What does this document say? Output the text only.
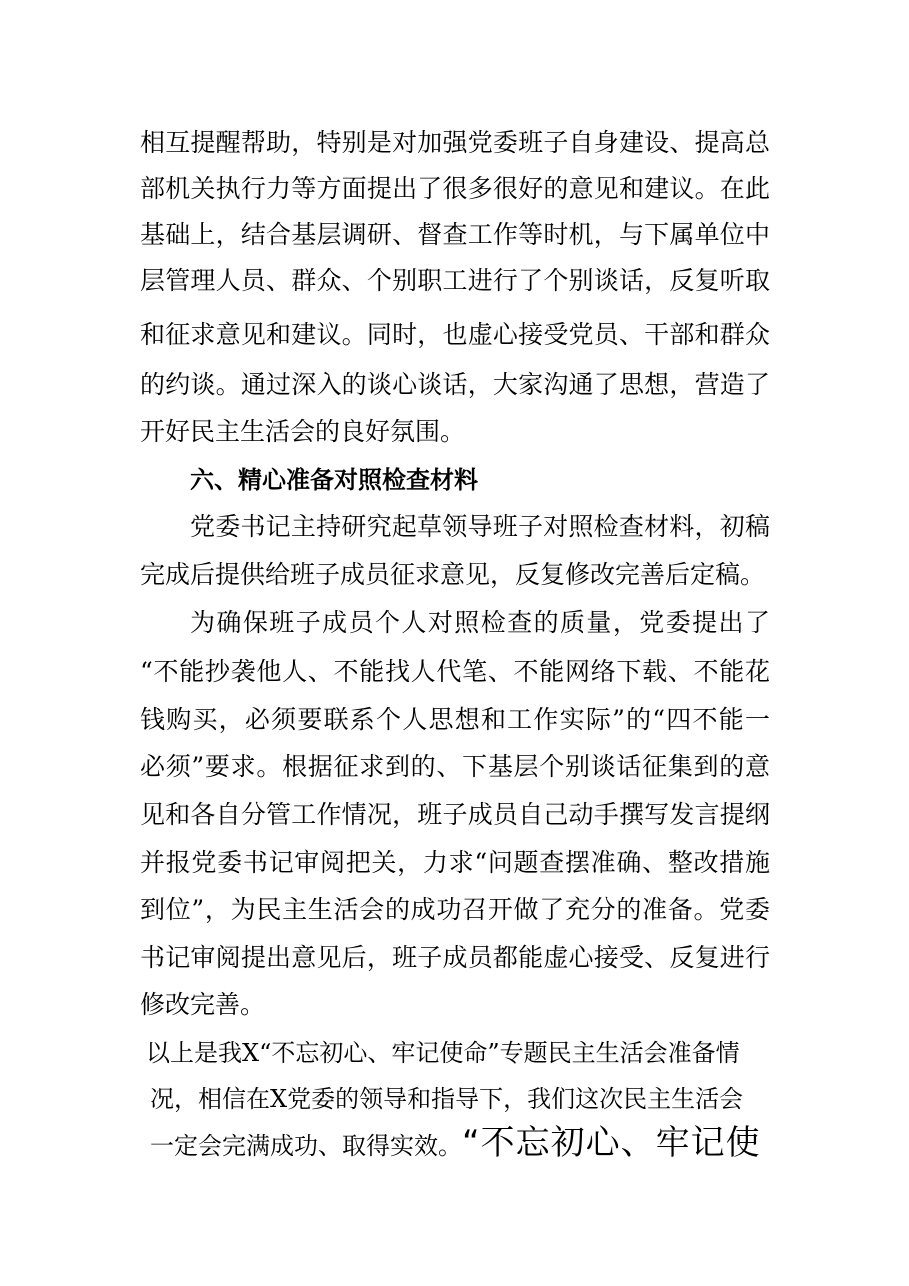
相互提醒帮助，特别是对加强党委班子自身建设、提高总
部机关执行力等方面提出了很多很好的意见和建议。在此
基础上，结合基层调研、督查工作等时机，与下属单位中
层管理人员、群众、个别职工进行了个别谈话，反复听取
和征求意见和建议。同时，也虚心接受党员、干部和群众
的约谈。通过深入的谈心谈话，大家沟通了思想，营造了
开好民主生活会的良好氛围。
六、精心准备对照检查材料
党委书记主持研究起草领导班子对照检查材料，初稿
完成后提供给班子成员征求意见，反复修改完善后定稿。
为确保班子成员个人对照检查的质量，党委提出了
“不能抄袭他人、不能找人代笔、不能网络下载、不能花
钱购买，必须要联系个人思想和工作实际”的“四不能一
必须”要求。根据征求到的、下基层个别谈话征集到的意
见和各自分管工作情况，班子成员自己动手撰写发言提纲
并报党委书记审阅把关，力求“问题查摆准确、整改措施
到位”，为民主生活会的成功召开做了充分的准备。党委
书记审阅提出意见后，班子成员都能虚心接受、反复进行
修改完善。
以上是我X“不忘初心、牢记使命”专题民主生活会准备情
况，相信在X党委的领导和指导下，我们这次民主生活会
一定会完满成功、取得实效。“不忘初心、牢记使
